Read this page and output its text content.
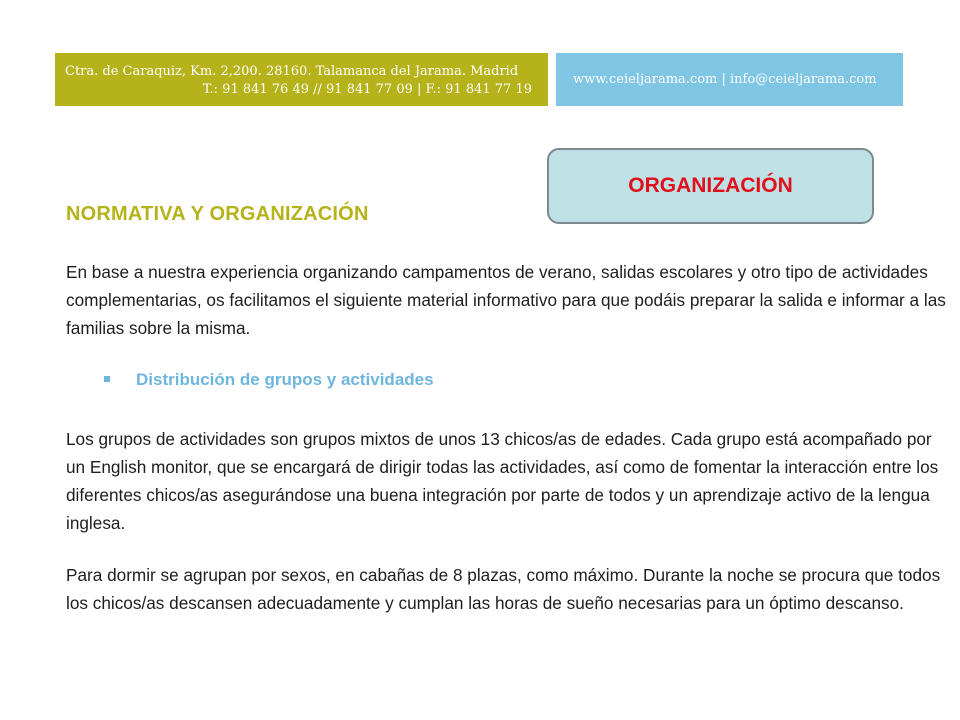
Ctra. de Caraquiz, Km. 2,200. 28160. Talamanca del Jarama. Madrid
T.: 91 841 76 49 // 91 841 77 09 | F.: 91 841 77 19
www.ceieljarama.com | info@ceieljarama.com
ORGANIZACIÓN
NORMATIVA Y ORGANIZACIÓN

En base a nuestra experiencia organizando campamentos de verano, salidas escolares y otro tipo de actividades complementarias, os facilitamos el siguiente material informativo para que podáis preparar la salida e informar a las familias sobre la misma.

Distribución de grupos y actividades

Los grupos de actividades son grupos mixtos de unos 13 chicos/as de edades. Cada grupo está acompañado por un English monitor, que se encargará de dirigir todas las actividades, así como de fomentar la interacción entre los diferentes chicos/as asegurándose una buena integración por parte de todos y un aprendizaje activo de la lengua inglesa.

Para dormir se agrupan por sexos, en cabañas de 8 plazas, como máximo. Durante la noche se procura que todos los chicos/as descansen adecuadamente y cumplan las horas de sueño necesarias para un óptimo descanso.
